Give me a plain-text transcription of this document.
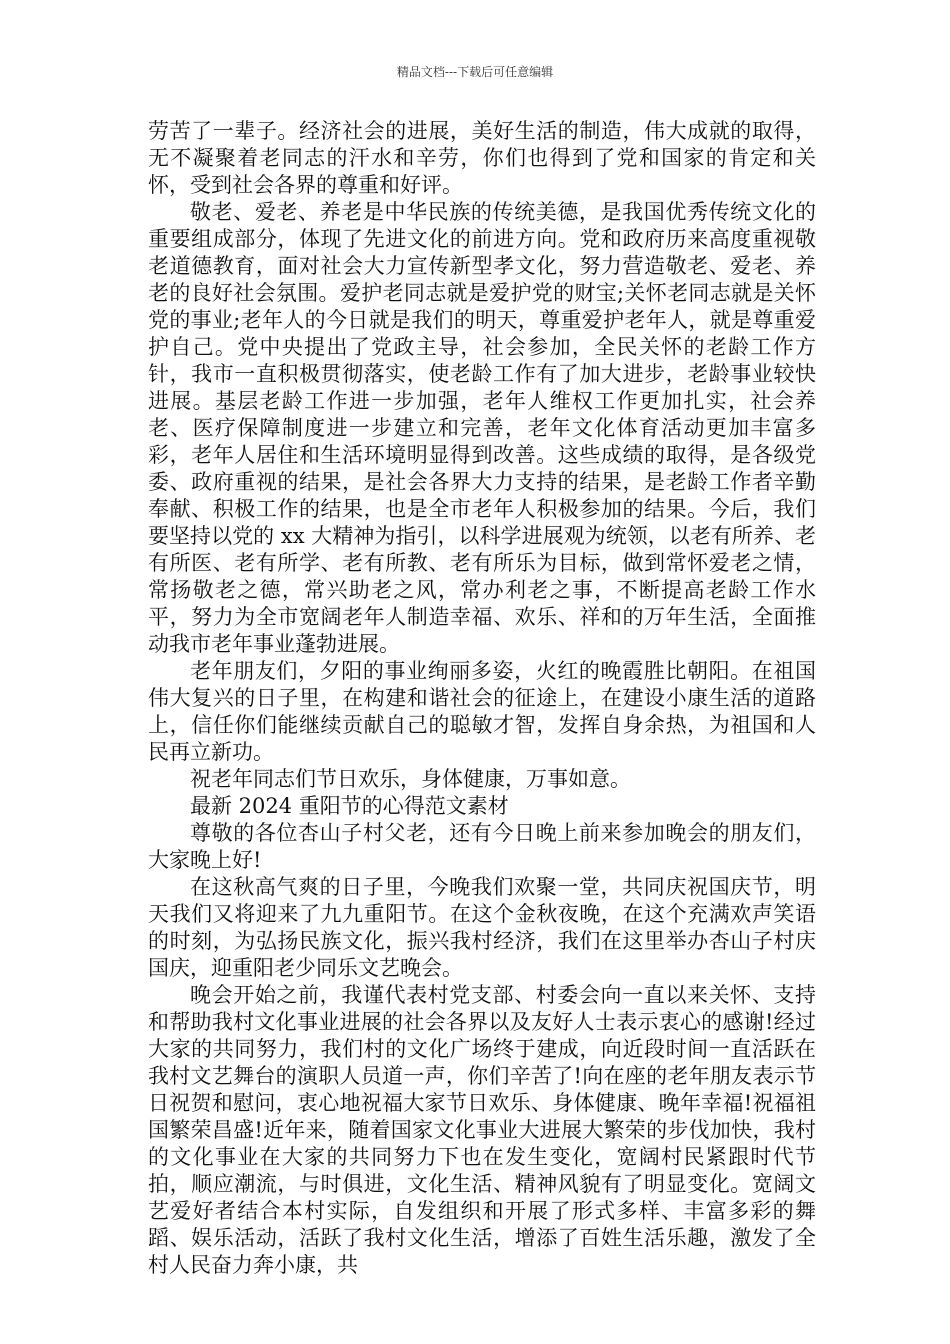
精品文档---下载后可任意编辑

劳苦了一辈子。经济社会的进展，美好生活的制造，伟大成就的取得，无不凝聚着老同志的汗水和辛劳，你们也得到了党和国家的肯定和关怀，受到社会各界的尊重和好评。

敬老、爱老、养老是中华民族的传统美德，是我国优秀传统文化的重要组成部分，体现了先进文化的前进方向。党和政府历来高度重视敬老道德教育，面对社会大力宣传新型孝文化，努力营造敬老、爱老、养老的良好社会氛围。爱护老同志就是爱护党的财宝;关怀老同志就是关怀党的事业;老年人的今日就是我们的明天，尊重爱护老年人，就是尊重爱护自己。党中央提出了党政主导，社会参加，全民关怀的老龄工作方针，我市一直积极贯彻落实，使老龄工作有了加大进步，老龄事业较快进展。基层老龄工作进一步加强，老年人维权工作更加扎实，社会养老、医疗保障制度进一步建立和完善，老年文化体育活动更加丰富多彩，老年人居住和生活环境明显得到改善。这些成绩的取得，是各级党委、政府重视的结果，是社会各界大力支持的结果，是老龄工作者辛勤奉献、积极工作的结果，也是全市老年人积极参加的结果。今后，我们要坚持以党的 xx 大精神为指引，以科学进展观为统领，以老有所养、老有所医、老有所学、老有所教、老有所乐为目标，做到常怀爱老之情，常扬敬老之德，常兴助老之风，常办利老之事，不断提高老龄工作水平，努力为全市宽阔老年人制造幸福、欢乐、祥和的万年生活，全面推动我市老年事业蓬勃进展。

老年朋友们，夕阳的事业绚丽多姿，火红的晚霞胜比朝阳。在祖国伟大复兴的日子里，在构建和谐社会的征途上，在建设小康生活的道路上，信任你们能继续贡献自己的聪敏才智，发挥自身余热，为祖国和人民再立新功。

祝老年同志们节日欢乐，身体健康，万事如意。

最新 2024 重阳节的心得范文素材

尊敬的各位杏山子村父老，还有今日晚上前来参加晚会的朋友们，大家晚上好!

在这秋高气爽的日子里，今晚我们欢聚一堂，共同庆祝国庆节，明天我们又将迎来了九九重阳节。在这个金秋夜晚，在这个充满欢声笑语的时刻，为弘扬民族文化，振兴我村经济，我们在这里举办杏山子村庆国庆，迎重阳老少同乐文艺晚会。

晚会开始之前，我谨代表村党支部、村委会向一直以来关怀、支持和帮助我村文化事业进展的社会各界以及友好人士表示衷心的感谢!经过大家的共同努力，我们村的文化广场终于建成，向近段时间一直活跃在我村文艺舞台的演职人员道一声，你们辛苦了!向在座的老年朋友表示节日祝贺和慰问，衷心地祝福大家节日欢乐、身体健康、晚年幸福!祝福祖国繁荣昌盛!近年来，随着国家文化事业大进展大繁荣的步伐加快，我村的文化事业在大家的共同努力下也在发生变化，宽阔村民紧跟时代节拍，顺应潮流，与时俱进，文化生活、精神风貌有了明显变化。宽阔文艺爱好者结合本村实际，自发组织和开展了形式多样、丰富多彩的舞蹈、娱乐活动，活跃了我村文化生活，增添了百姓生活乐趣，激发了全村人民奋力奔小康，共
